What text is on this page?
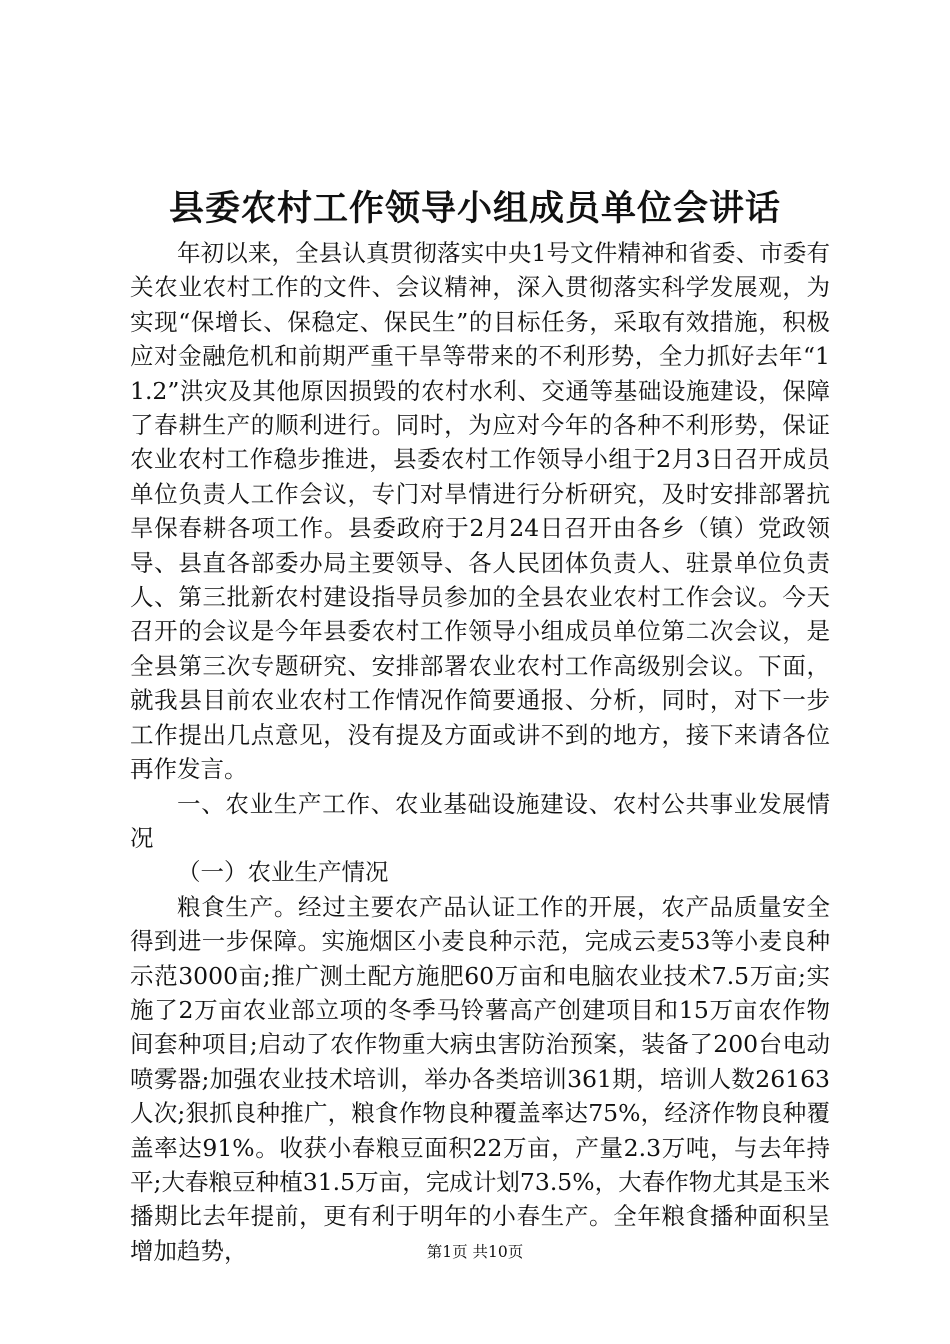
县委农村工作领导小组成员单位会讲话

年初以来，全县认真贯彻落实中央1号文件精神和省委、市委有关农业农村工作的文件、会议精神，深入贯彻落实科学发展观，为实现“保增长、保稳定、保民生”的目标任务，采取有效措施，积极应对金融危机和前期严重干旱等带来的不利形势，全力抓好去年“11.2”洪灾及其他原因损毁的农村水利、交通等基础设施建设，保障了春耕生产的顺利进行。同时，为应对今年的各种不利形势，保证农业农村工作稳步推进，县委农村工作领导小组于2月3日召开成员单位负责人工作会议，专门对旱情进行分析研究，及时安排部署抗旱保春耕各项工作。县委政府于2月24日召开由各乡（镇）党政领导、县直各部委办局主要领导、各人民团体负责人、驻景单位负责人、第三批新农村建设指导员参加的全县农业农村工作会议。今天召开的会议是今年县委农村工作领导小组成员单位第二次会议，是全县第三次专题研究、安排部署农业农村工作高级别会议。下面，就我县目前农业农村工作情况作简要通报、分析，同时，对下一步工作提出几点意见，没有提及方面或讲不到的地方，接下来请各位再作发言。

一、农业生产工作、农业基础设施建设、农村公共事业发展情况

（一）农业生产情况

粮食生产。经过主要农产品认证工作的开展，农产品质量安全得到进一步保障。实施烟区小麦良种示范，完成云麦53等小麦良种示范3000亩;推广测土配方施肥60万亩和电脑农业技术7.5万亩;实施了2万亩农业部立项的冬季马铃薯高产创建项目和15万亩农作物间套种项目;启动了农作物重大病虫害防治预案，装备了200台电动喷雾器;加强农业技术培训，举办各类培训361期，培训人数26163人次;狠抓良种推广，粮食作物良种覆盖率达75%，经济作物良种覆盖率达91%。收获小春粮豆面积22万亩，产量2.3万吨，与去年持平;大春粮豆种植31.5万亩，完成计划73.5%，大春作物尤其是玉米播期比去年提前，更有利于明年的小春生产。全年粮食播种面积呈增加趋势，	第1页 共10页
